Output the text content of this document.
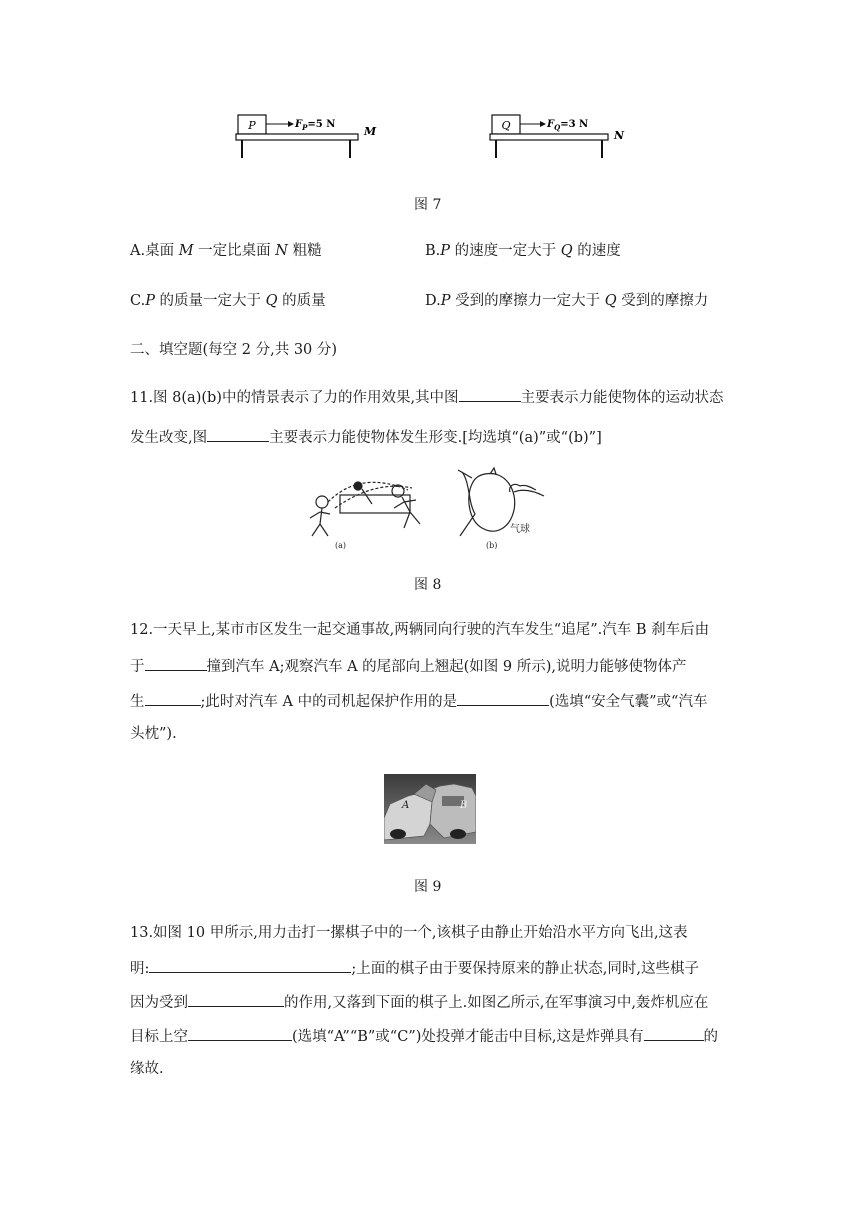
P	$F_P=5$ N
M	Q	$F_Q=3$ N
N
图 7
A.桌面 M 一定比桌面 N 粗糙	B.P 的速度一定大于 Q 的速度
C.P 的质量一定大于 Q 的质量	D.P 受到的摩擦力一定大于 Q 受到的摩擦力
二、填空题(每空 2 分,共 30 分)
11.图 8(a)(b)中的情景表示了力的作用效果,其中图	主要表示力能使物体的运动状态
发生改变,图	主要表示力能使物体发生形变.[均选填“(a)”或“(b)”]
(a)	(b)
气球
图 8
12.一天早上,某市市区发生一起交通事故,两辆同向行驶的汽车发生“追尾”.汽车 B 刹车后由
于	撞到汽车 A;观察汽车 A 的尾部向上翘起(如图 9 所示),说明力能够使物体产
生	;此时对汽车 A 中的司机起保护作用的是	(选填“安全气囊”或“汽车
头枕”).
A	B
图 9
13.如图 10 甲所示,用力击打一摞棋子中的一个,该棋子由静止开始沿水平方向飞出,这表
明:	;上面的棋子由于要保持原来的静止状态,同时,这些棋子
因为受到	的作用,又落到下面的棋子上.如图乙所示,在军事演习中,轰炸机应在
目标上空	(选填“A”“B”或“C”)处投弹才能击中目标,这是炸弹具有	的
缘故.
